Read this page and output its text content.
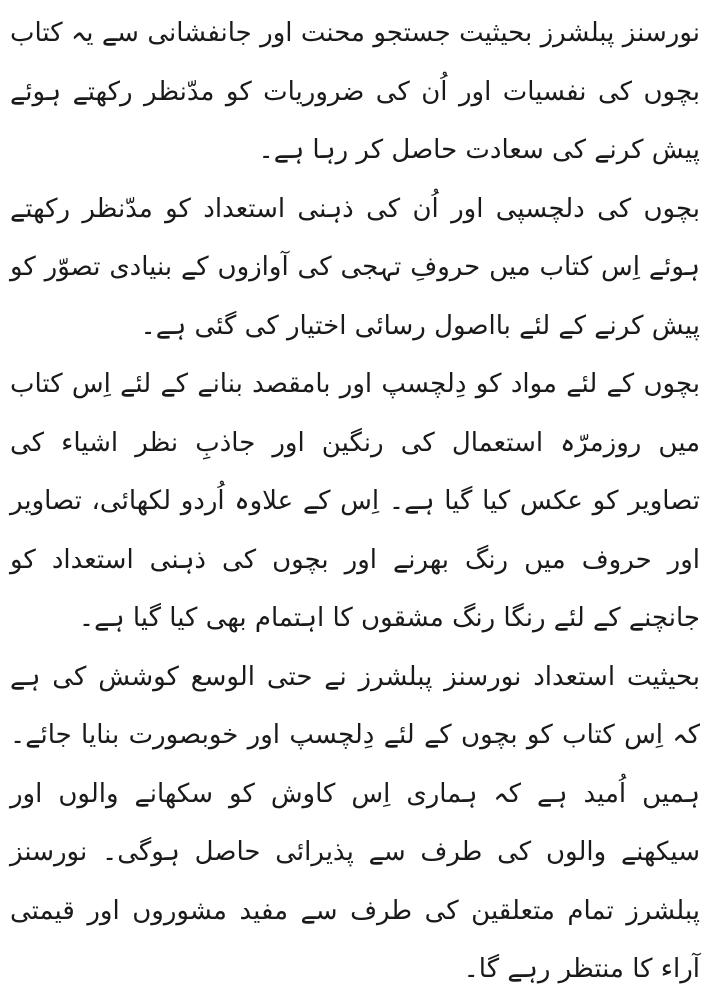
نورسنز پبلشرز بحیثیت جستجو محنت اور جانفشانی سے یہ کتاب بچوں کی نفسیات اور اُن کی ضروریات کو مدّنظر رکھتے ہوئے پیش کرنے کی سعادت حاصل کر رہا ہے۔

بچوں کی دلچسپی اور اُن کی ذہنی استعداد کو مدّنظر رکھتے ہوئے اِس کتاب میں حروفِ تہجی کی آوازوں کے بنیادی تصوّر کو پیش کرنے کے لئے بااصول رسائی اختیار کی گئی ہے۔

بچوں کے لئے مواد کو دِلچسپ اور بامقصد بنانے کے لئے اِس کتاب میں روزمرّہ استعمال کی رنگین اور جاذبِ نظر اشیاء کی تصاویر کو عکس کیا گیا ہے۔ اِس کے علاوہ اُردو لکھائی، تصاویر اور حروف میں رنگ بھرنے اور بچوں کی ذہنی استعداد کو جانچنے کے لئے رنگا رنگ مشقوں کا اہتمام بھی کیا گیا ہے۔

بحیثیت استعداد نورسنز پبلشرز نے حتی الوسع کوشش کی ہے کہ اِس کتاب کو بچوں کے لئے دِلچسپ اور خوبصورت بنایا جائے۔ ہمیں اُمید ہے کہ ہماری اِس کاوش کو سکھانے والوں اور سیکھنے والوں کی طرف سے پذیرائی حاصل ہوگی۔ نورسنز پبلشرز تمام متعلقین کی طرف سے مفید مشوروں اور قیمتی آراء کا منتظر رہے گا۔
